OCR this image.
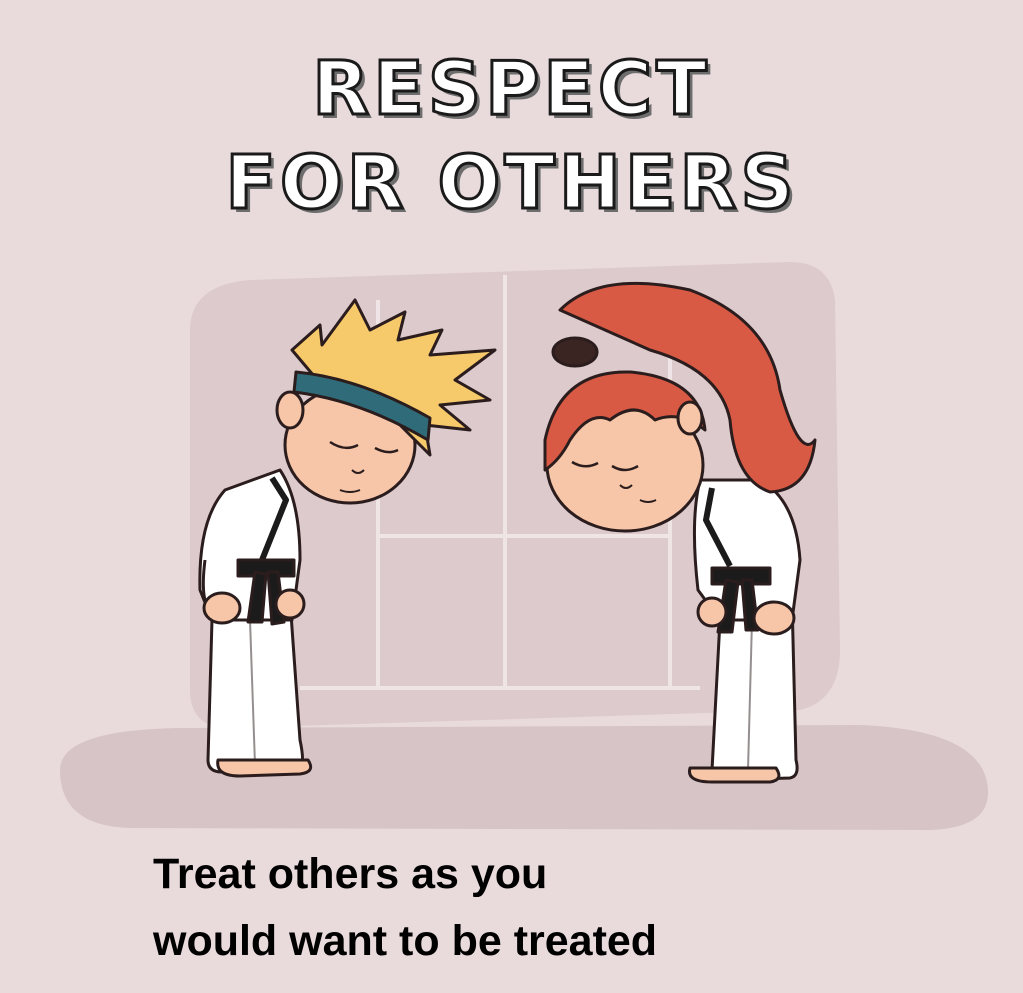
RESPECT
FOR OTHERS
Treat others as you
would want to be treated
